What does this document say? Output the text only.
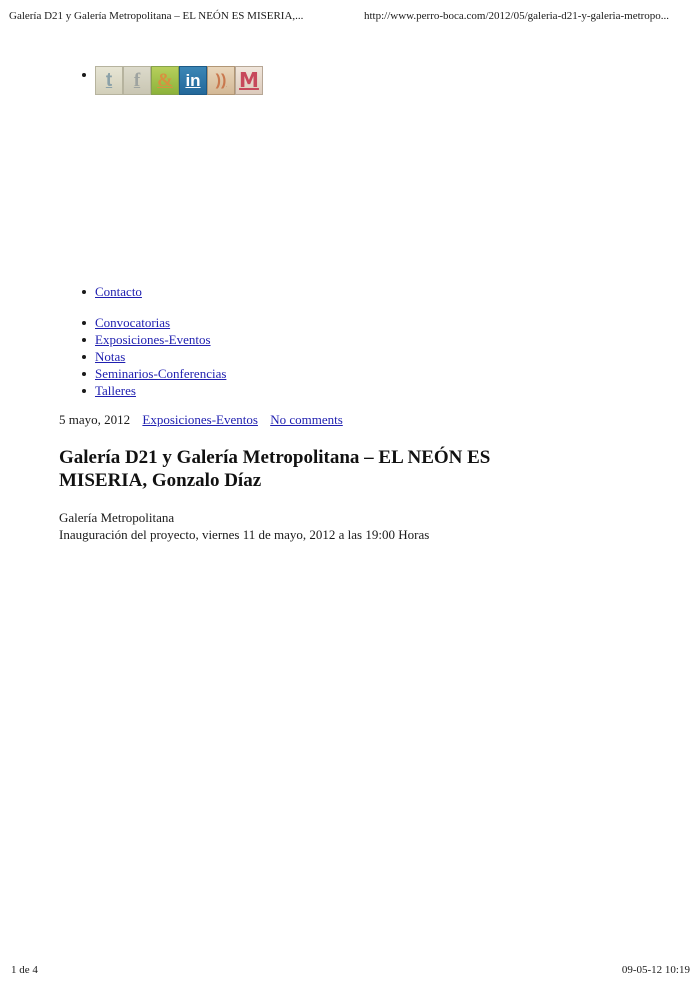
Galería D21 y Galería Metropolitana – EL NEÓN ES MISERIA,...	http://www.perro-boca.com/2012/05/galeria-d21-y-galeria-metropo...
t	f & in )) M
Contacto
Convocatorias
Exposiciones-Eventos
Notas
Seminarios-Conferencias
Talleres
5 mayo, 2012 Exposiciones-Eventos No comments
Galería D21 y Galería Metropolitana – EL NEÓN ES MISERIA, Gonzalo Díaz
Galería Metropolitana
Inauguración del proyecto, viernes 11 de mayo, 2012 a las 19:00 Horas
1 de 4	09-05-12 10:19
